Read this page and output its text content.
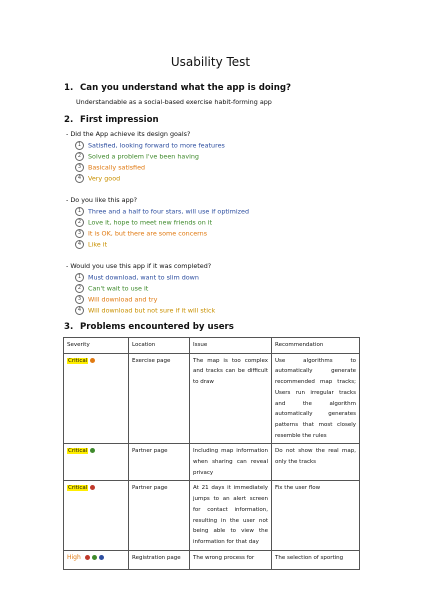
Usability Test
1. Can you understand what the app is doing?
Understandable as a social-based exercise habit-forming app
2. First impression
- Did the App achieve its design goals?
1 Satisfied, looking forward to more features
2 Solved a problem I've been having
3 Basically satisfied
4 Very good
- Do you like this app?
1 Three and a half to four stars, will use if optimized
2 Love it, hope to meet new friends on it
3 It is OK, but there are some concerns
4 Like it
- Would you use this app if it was completed?
1 Must download, want to slim down
2 Can't wait to use it
3 Will download and try
4 Will download but not sure if it will stick
3. Problems encountered by users
Severity	Location	Issue	Recommendation
Critical	Exercise page	The map is too complex and tracks can be difficult to draw	Use algorithms to automatically generate recommended map tracks; Users run irregular tracks and the algorithm automatically generates patterns that most closely resemble the rules
Critical	Partner page	Including map information when sharing can reveal privacy	Do not show the real map, only the tracks
Critical	Partner page	At 21 days it immediately jumps to an alert screen for contact information, resulting in the user not being able to view the information for that day	Fix the user flow
High	Registration page	The wrong process for	The selection of sporting
